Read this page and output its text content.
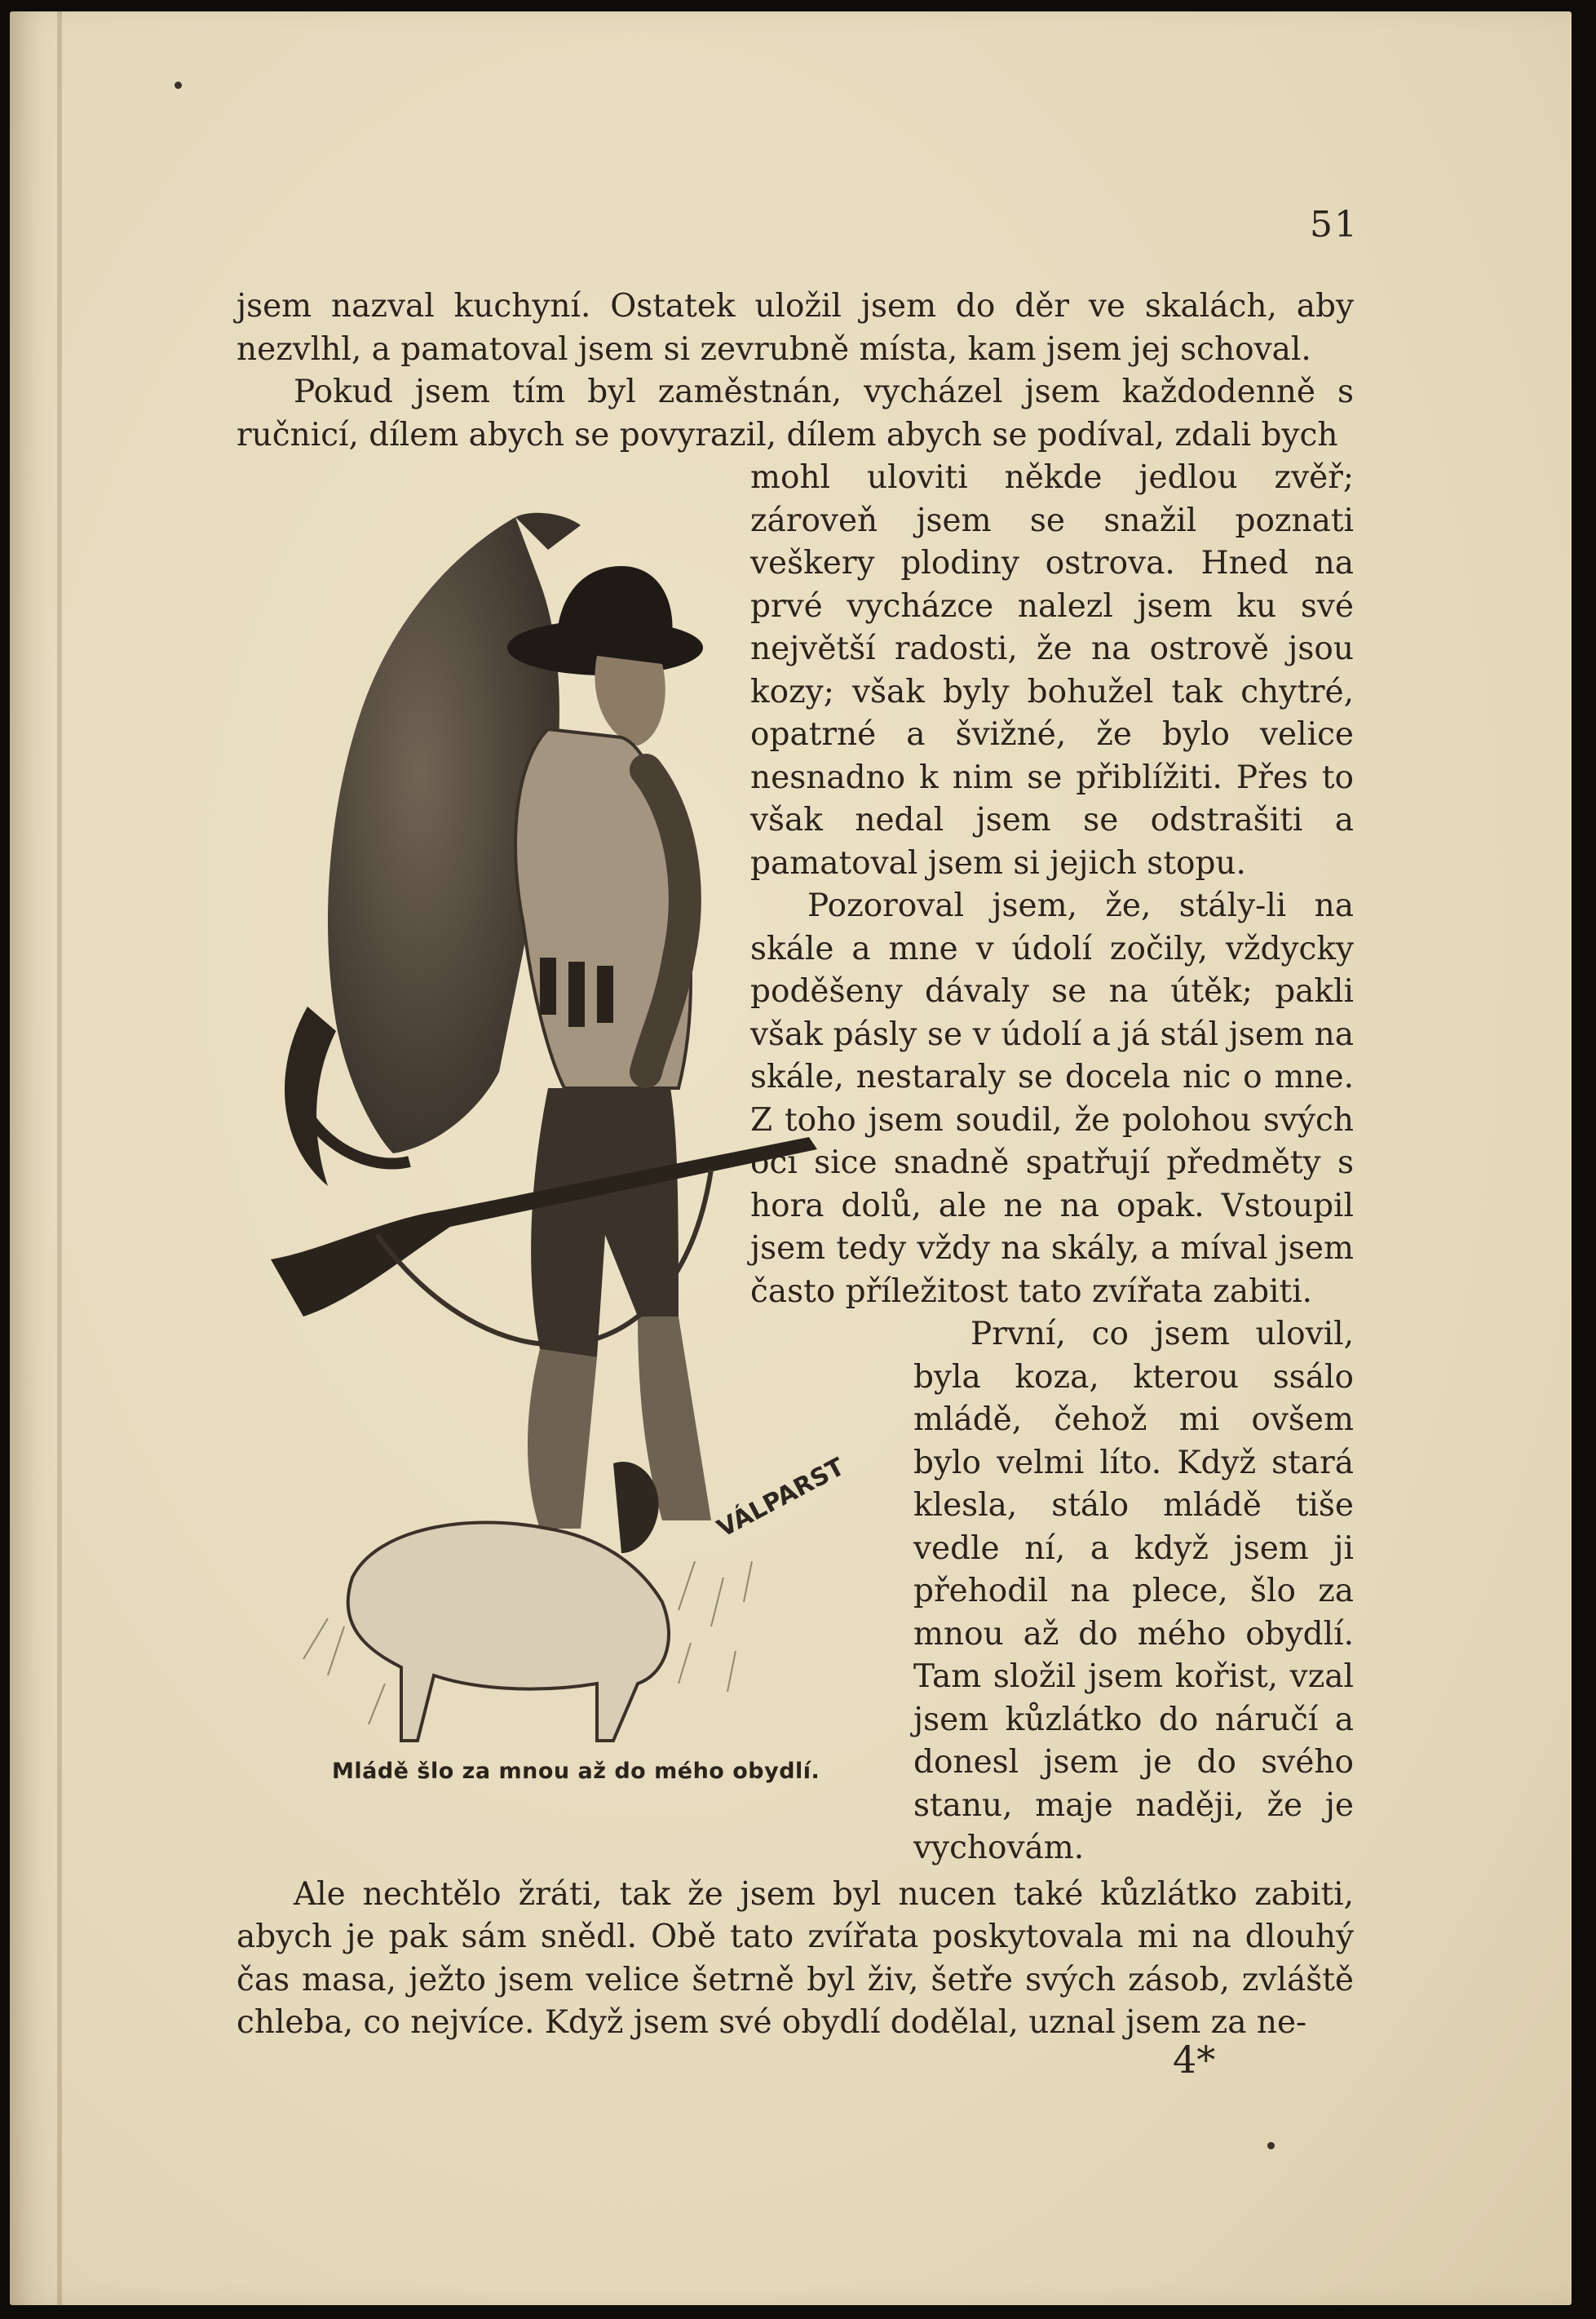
51
VÁLPARST
Mládě šlo za mnou až do mého obydlí.
jsem nazval kuchyní. Ostatek uložil jsem do děr ve skalách, aby nezvlhl, a pamatoval jsem si zevrubně místa, kam jsem jej schoval.
Pokud jsem tím byl zaměstnán, vycházel jsem každodenně s ručnicí, dílem abych se povyrazil, dílem abych se podíval, zdali bych
mohl uloviti někde jedlou zvěř; zároveň jsem se snažil poznati veškery plodiny ostrova. Hned na prvé vycházce nalezl jsem ku své největší radosti, že na ostrově jsou kozy; však byly bohužel tak chytré, opatrné a švižné, že bylo velice nesnadno k nim se přiblížiti. Přes to však nedal jsem se odstrašiti a pamatoval jsem si jejich stopu.
Pozoroval jsem, že, stály-li na skále a mne v údolí zočily, vždycky poděšeny dávaly se na útěk; pakli však pásly se v údolí a já stál jsem na skále, nestaraly se docela nic o mne. Z toho jsem soudil, že polohou svých očí sice snadně spatřují předměty s hora dolů, ale ne na opak. Vstoupil jsem tedy vždy na skály, a míval jsem často příležitost tato zvířata zabiti.
První, co jsem ulovil, byla koza, kterou ssálo mládě, čehož mi ovšem bylo velmi líto. Když stará klesla, stálo mládě tiše vedle ní, a když jsem ji přehodil na plece, šlo za mnou až do mého obydlí. Tam složil jsem kořist, vzal jsem kůzlátko do náručí a donesl jsem je do svého stanu, maje naději, že je vychovám.
Ale nechtělo žráti, tak že jsem byl nucen také kůzlátko zabiti, abych je pak sám snědl. Obě tato zvířata poskytovala mi na dlouhý čas masa, ježto jsem velice šetrně byl živ, šetře svých zásob, zvláště chleba, co nejvíce. Když jsem své obydlí dodělal, uznal jsem za ne-
4*
